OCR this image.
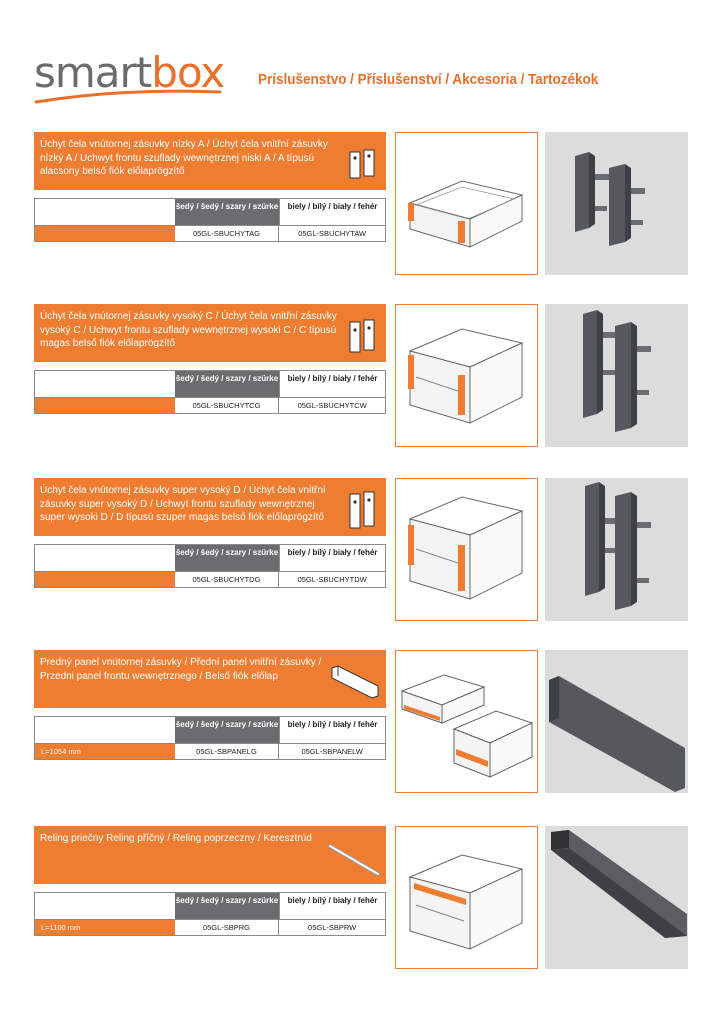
smartbox Príslušenstvo / Příslušenství / Akcesoria / Tartozékok
Úchyt čela vnútornej zásuvky nízky A / Úchyt čela vnitřní zásuvky nízký A / Uchwyt frontu szuflady wewnętrznej niski A / A típusú alacsony belső fiók előlaprögzítő
šedý / šedý / szary / szürke	biely / bílý / biały / fehér
05GL-SBUCHYTAG	05GL-SBUCHYTAW
Úchyt čela vnútornej zásuvky vysoký C / Úchyt čela vnitřní zásuvky vysoký C / Uchwyt frontu szuflady wewnętrznej wysoki C / C típusú magas belső fiók előlaprögzítő
šedý / šedý / szary / szürke	biely / bílý / biały / fehér
05GL-SBUCHYTCG	05GL-SBUCHYTCW
Úchyt čela vnútornej zásuvky super vysoký D / Úchyt čela vnitřní zásuvky super vysoký D / Uchwyt frontu szuflady wewnętrznej super wysoki D / D típusú szuper magas belső fiók előlaprögzítő
šedý / šedý / szary / szürke	biely / bílý / biały / fehér
05GL-SBUCHYTDG	05GL-SBUCHYTDW
Predný panel vnútornej zásuvky / Přední panel vnitřní zásuvky / Przedni panel frontu wewnętrznego / Belső fiók előlap
šedý / šedý / szary / szürke	biely / bílý / biały / fehér
L=1054 mm	05GL-SBPANELG	05GL-SBPANELW
Reling priečny Reling příčný / Reling poprzeczny / Keresztrúd
šedý / šedý / szary / szürke	biely / bílý / biały / fehér
L=1100 mm	05GL-SBPRG	05GL-SBPRW
